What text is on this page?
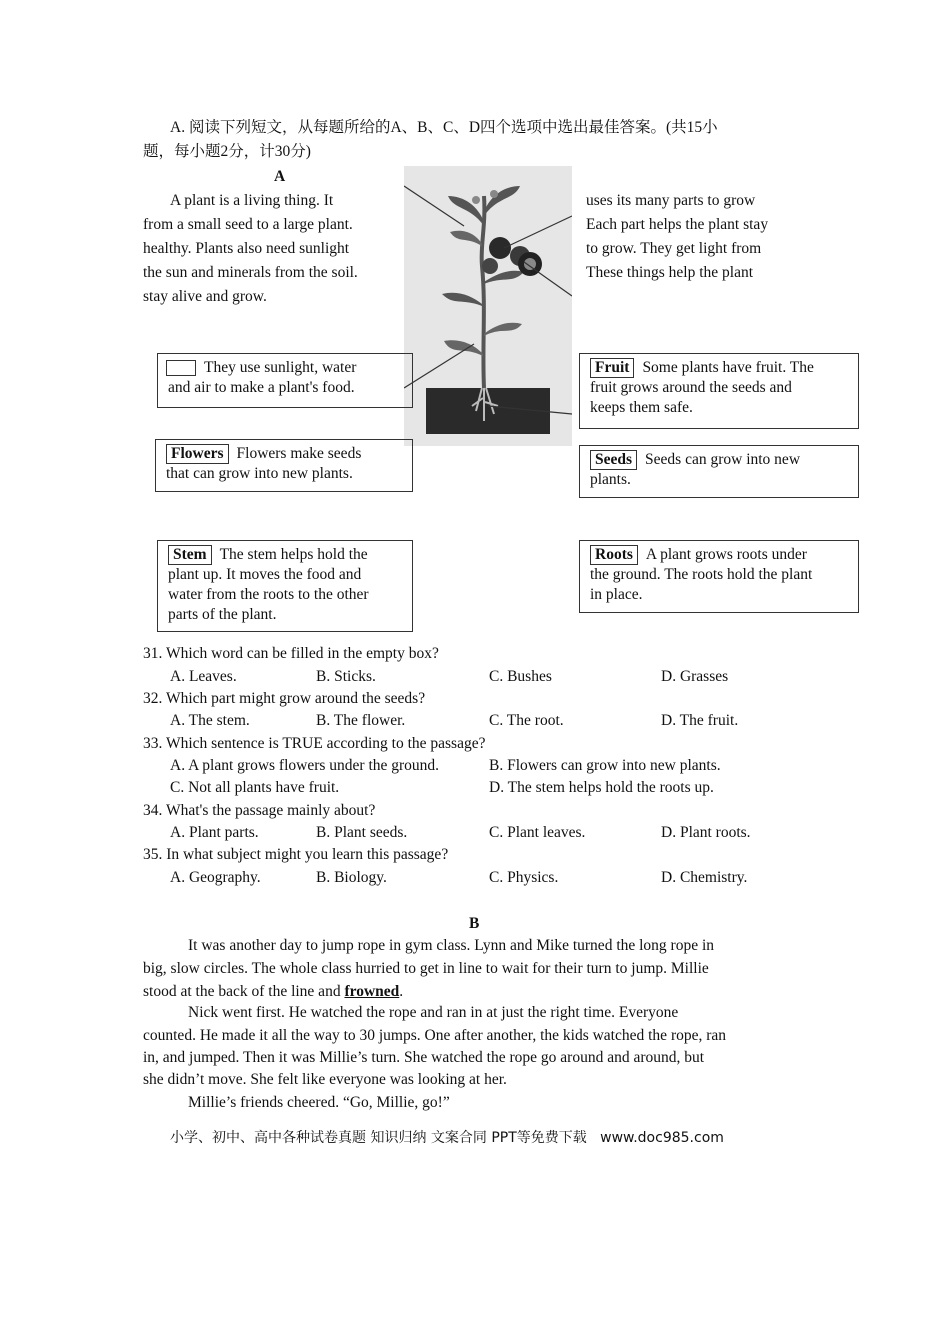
A. 阅读下列短文，从每题所给的A、B、C、D四个选项中选出最佳答案。(共15小
题，每小题2分，计30分)
A
A plant is a living thing. It
from a small seed to a large plant.
healthy. Plants also need sunlight
the sun and minerals from the soil.
stay alive and grow.
uses its many parts to grow
Each part helps the plant stay
to grow. They get light from
These things help the plant
They use sunlight, water
and air to make a plant's food.
Fruit Some plants have fruit. The
fruit grows around the seeds and
keeps them safe.
Flowers Flowers make seeds
that can grow into new plants.
Seeds Seeds can grow into new
plants.
Stem The stem helps hold the
plant up. It moves the food and
water from the roots to the other
parts of the plant.
Roots A plant grows roots under
the ground. The roots hold the plant
in place.
31. Which word can be filled in the empty box?
A. Leaves.	B. Sticks.	C. Bushes	D. Grasses
32. Which part might grow around the seeds?
A. The stem.	B. The flower.	C. The root.	D. The fruit.
33. Which sentence is TRUE according to the passage?
A. A plant grows flowers under the ground.	B. Flowers can grow into new plants.
C. Not all plants have fruit.	D. The stem helps hold the roots up.
34. What's the passage mainly about?
A. Plant parts.	B. Plant seeds.	C. Plant leaves.	D. Plant roots.
35. In what subject might you learn this passage?
A. Geography.	B. Biology.	C. Physics.	D. Chemistry.
B
It was another day to jump rope in gym class. Lynn and Mike turned the long rope in
big, slow circles. The whole class hurried to get in line to wait for their turn to jump. Millie
stood at the back of the line and frowned.
Nick went first. He watched the rope and ran in at just the right time. Everyone
counted. He made it all the way to 30 jumps. One after another, the kids watched the rope, ran
in, and jumped. Then it was Millie’s turn. She watched the rope go around and around, but
she didn’t move. She felt like everyone was looking at her.
Millie’s friends cheered. “Go, Millie, go!”
小学、初中、高中各种试卷真题 知识归纳 文案合同 PPT等免费下载 www.doc985.com
